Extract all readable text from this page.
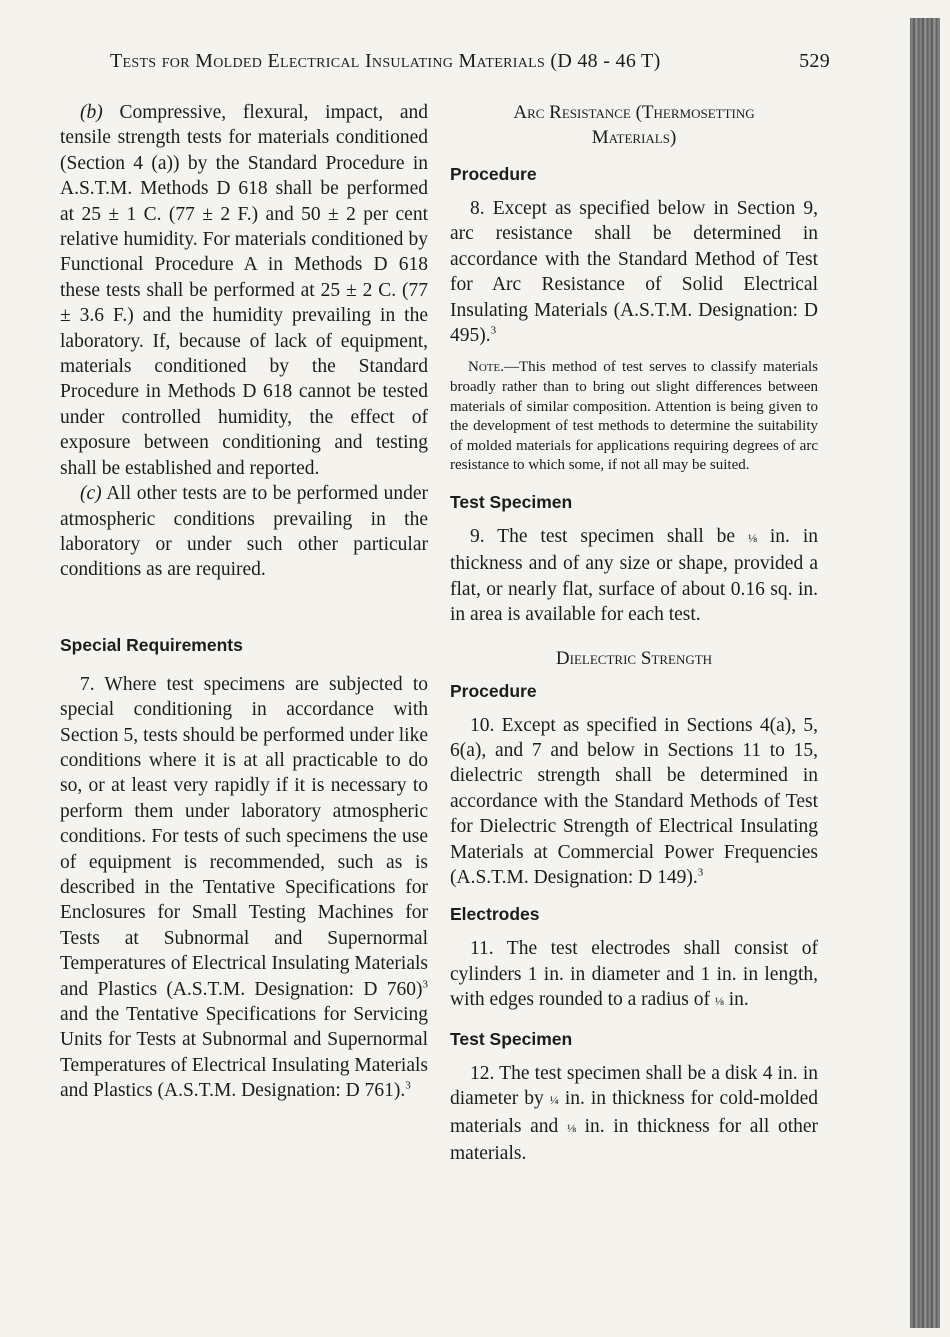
Tests for Molded Electrical Insulating Materials (D 48 - 46 T)	529

(b) Compressive, flexural, impact, and tensile strength tests for materials conditioned (Section 4 (a)) by the Standard Procedure in A.S.T.M. Methods D 618 shall be performed at 25 ± 1 C. (77 ± 2 F.) and 50 ± 2 per cent relative humidity. For materials conditioned by Functional Procedure A in Methods D 618 these tests shall be performed at 25 ± 2 C. (77 ± 3.6 F.) and the humidity prevailing in the laboratory. If, because of lack of equipment, materials conditioned by the Standard Procedure in Methods D 618 cannot be tested under controlled humidity, the effect of exposure between conditioning and testing shall be established and reported.

(c) All other tests are to be performed under atmospheric conditions prevailing in the laboratory or under such other particular conditions as are required.

Special Requirements

7. Where test specimens are subjected to special conditioning in accordance with Section 5, tests should be performed under like conditions where it is at all practicable to do so, or at least very rapidly if it is necessary to perform them under laboratory atmospheric conditions. For tests of such specimens the use of equipment is recommended, such as is described in the Tentative Specifications for Enclosures for Small Testing Machines for Tests at Subnormal and Supernormal Temperatures of Electrical Insulating Materials and Plastics (A.S.T.M. Designation: D 760)$^3$ and the Tentative Specifications for Servicing Units for Tests at Subnormal and Supernormal Temperatures of Electrical Insulating Materials and Plastics (A.S.T.M. Designation: D 761).$^3$

Arc Resistance (Thermosetting
Materials)
Procedure

8. Except as specified below in Section 9, arc resistance shall be determined in accordance with the Standard Method of Test for Arc Resistance of Solid Electrical Insulating Materials (A.S.T.M. Designation: D 495).$^3$

Note.—This method of test serves to classify materials broadly rather than to bring out slight differences between materials of similar composition. Attention is being given to the development of test methods to determine the suitability of molded materials for applications requiring degrees of arc resistance to which some, if not all may be suited.

Test Specimen

9. The test specimen shall be ⅛ in. in thickness and of any size or shape, provided a flat, or nearly flat, surface of about 0.16 sq. in. in area is available for each test.

Dielectric Strength
Procedure

10. Except as specified in Sections 4(a), 5, 6(a), and 7 and below in Sections 11 to 15, dielectric strength shall be determined in accordance with the Standard Methods of Test for Dielectric Strength of Electrical Insulating Materials at Commercial Power Frequencies (A.S.T.M. Designation: D 149).$^3$

Electrodes

11. The test electrodes shall consist of cylinders 1 in. in diameter and 1 in. in length, with edges rounded to a radius of ⅛ in.

Test Specimen

12. The test specimen shall be a disk 4 in. in diameter by ¼ in. in thickness for cold-molded materials and ⅛ in. in thickness for all other materials.
